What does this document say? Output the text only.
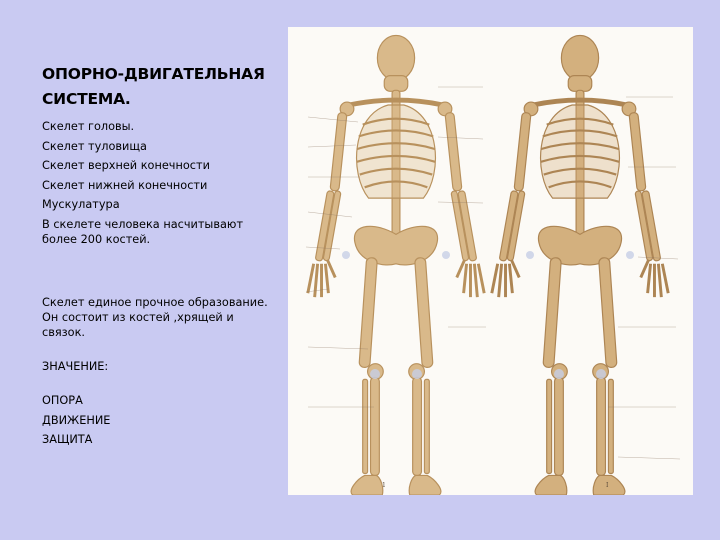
ОПОРНО-ДВИГАТЕЛЬНАЯ
СИСТЕМА.
Скелет головы.
Скелет туловища
Скелет верхней конечности
Скелет нижней конечности
Мускулатура
В скелете человека насчитывают более 200 костей.
Скелет единое прочное образование. Он состоит из костей ,хрящей и связок.
ЗНАЧЕНИЕ:
ОПОРА
ДВИЖЕНИЕ
ЗАЩИТА
1	I
